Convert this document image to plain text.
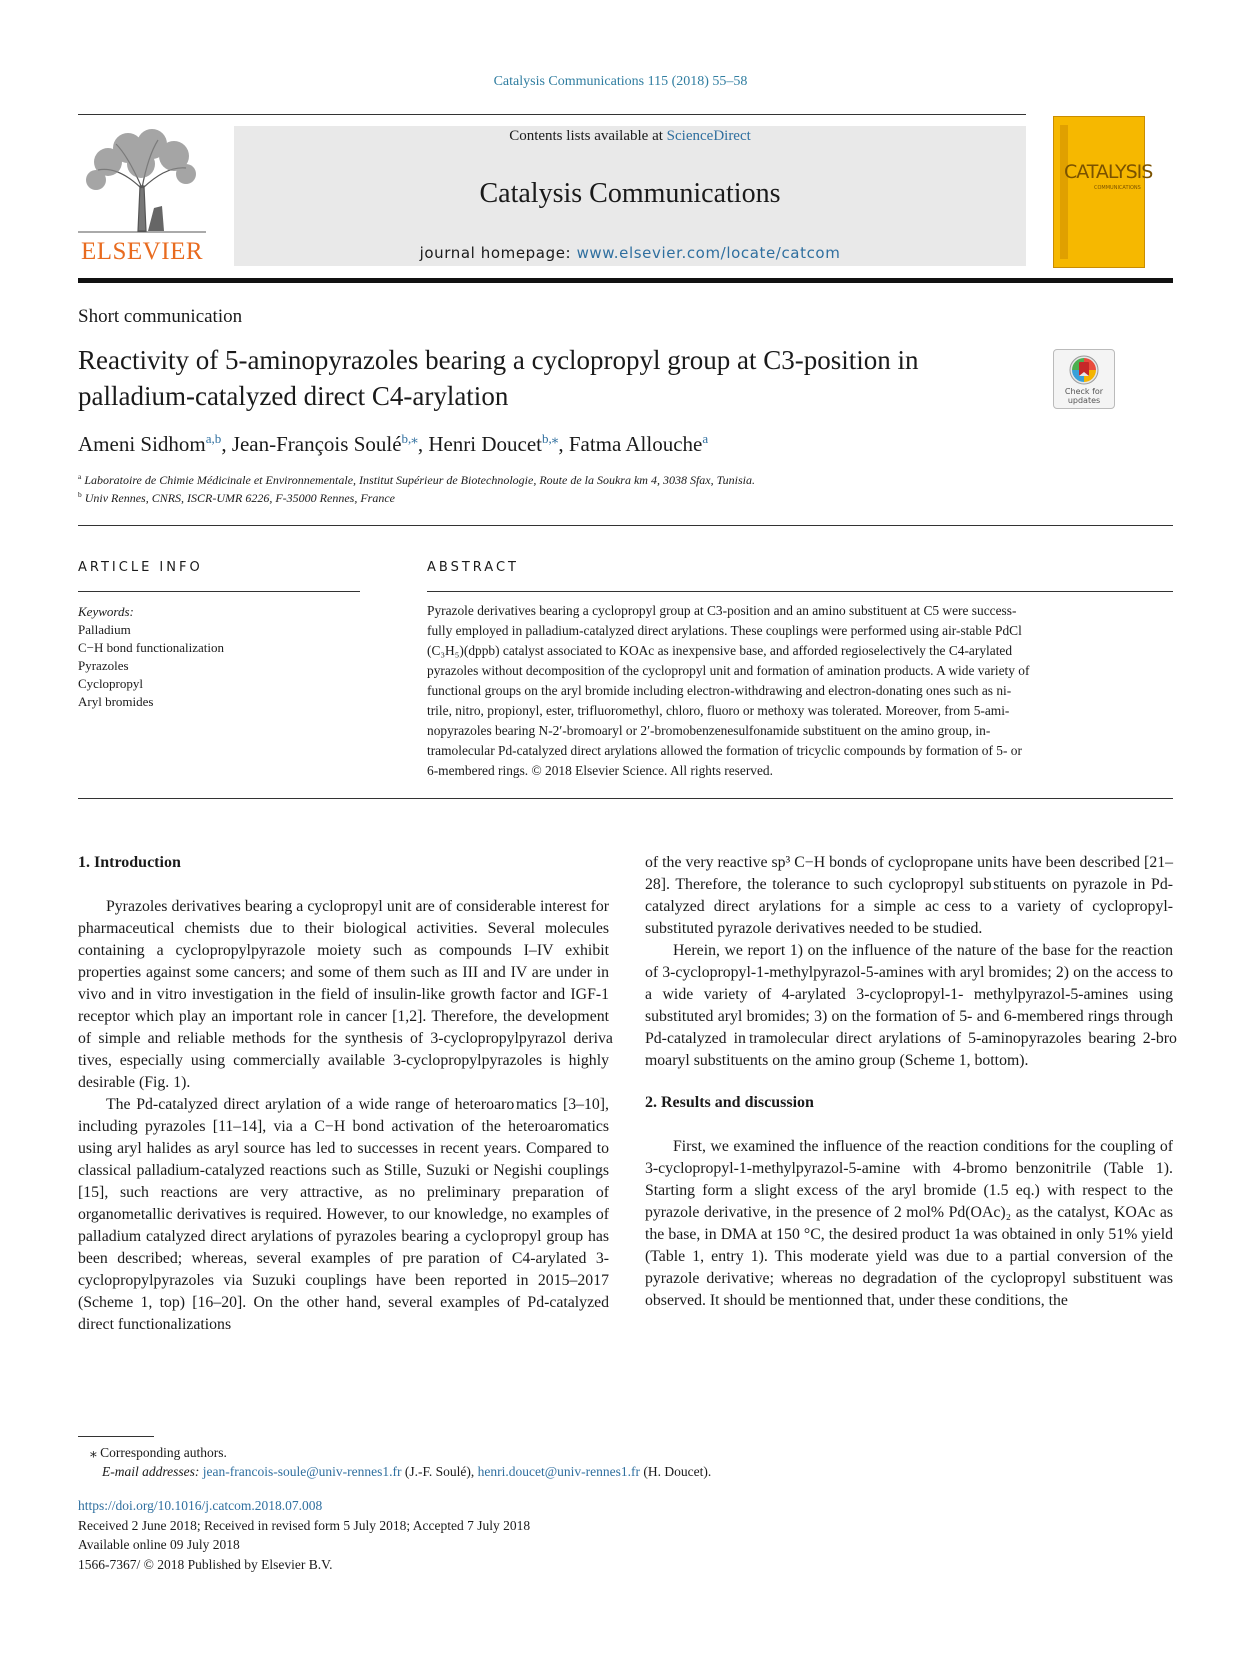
Catalysis Communications 115 (2018) 55–58
ELSEVIER
Contents lists available at ScienceDirect
Catalysis Communications
journal homepage: www.elsevier.com/locate/catcom
CATALYSIS
COMMUNICATIONS
Short communication
Reactivity of 5-aminopyrazoles bearing a cyclopropyl group at C3-position in palladium-catalyzed direct C4-arylation	Check for updates
Ameni Sidhom$^{a,b}$, Jean-François Soulé$^{b,⁎}$, Henri Doucet$^{b,⁎}$, Fatma Allouche$^a$
$^a$ Laboratoire de Chimie Médicinale et Environnementale, Institut Supérieur de Biotechnologie, Route de la Soukra km 4, 3038 Sfax, Tunisia.
$^b$ Univ Rennes, CNRS, ISCR-UMR 6226, F-35000 Rennes, France
ARTICLE INFO	ABSTRACT
Keywords:
Palladium
C−H bond functionalization
Pyrazoles
Cyclopropyl
Aryl bromides
Pyrazole derivatives bearing a cyclopropyl group at C3-position and an amino substituent at C5 were success-
fully employed in palladium-catalyzed direct arylations. These couplings were performed using air-stable PdCl
(C₃H₅)(dppb) catalyst associated to KOAc as inexpensive base, and afforded regioselectively the C4-arylated
pyrazoles without decomposition of the cyclopropyl unit and formation of amination products. A wide variety of
functional groups on the aryl bromide including electron-withdrawing and electron-donating ones such as ni-
trile, nitro, propionyl, ester, trifluoromethyl, chloro, fluoro or methoxy was tolerated. Moreover, from 5-ami-
nopyrazoles bearing N-2′-bromoaryl or 2′-bromobenzenesulfonamide substituent on the amino group, in-
tramolecular Pd-catalyzed direct arylations allowed the formation of tricyclic compounds by formation of 5- or
6-membered rings. © 2018 Elsevier Science. All rights reserved.
1. Introduction
Pyrazoles derivatives bearing a cyclopropyl unit are of considerable interest for pharmaceutical chemists due to their biological activities. Several molecules containing a cyclopropylpyrazole moiety such as compounds I–IV exhibit properties against some cancers; and some of them such as III and IV are under in vivo and in vitro investigation in the field of insulin-like growth factor and IGF-1 receptor which play an important role in cancer [1,2]. Therefore, the development of simple and reliable methods for the synthesis of 3-cyclopropylpyrazol deriva tives, especially using commercially available 3-cyclopropylpyrazoles is highly desirable (Fig. 1).
The Pd-catalyzed direct arylation of a wide range of heteroaro matics [3–10], including pyrazoles [11–14], via a C−H bond activation of the heteroaromatics using aryl halides as aryl source has led to successes in recent years. Compared to classical palladium-catalyzed reactions such as Stille, Suzuki or Negishi couplings [15], such reactions are very attractive, as no preliminary preparation of organometallic derivatives is required. However, to our knowledge, no examples of palladium catalyzed direct arylations of pyrazoles bearing a cyclo propyl group has been described; whereas, several examples of pre paration of C4-arylated 3-cyclopropylpyrazoles via Suzuki couplings have been reported in 2015–2017 (Scheme 1, top) [16–20]. On the other hand, several examples of Pd-catalyzed direct functionalizations
of the very reactive sp³ C−H bonds of cyclopropane units have been described [21–28]. Therefore, the tolerance to such cyclopropyl sub stituents on pyrazole in Pd-catalyzed direct arylations for a simple ac cess to a variety of cyclopropyl-substituted pyrazole derivatives needed to be studied.
Herein, we report 1) on the influence of the nature of the base for the reaction of 3-cyclopropyl-1-methylpyrazol-5-amines with aryl bro mides; 2) on the access to a wide variety of 4-arylated 3-cyclopropyl-1- methylpyrazol-5-amines using substituted aryl bromides; 3) on the formation of 5- and 6-membered rings through Pd-catalyzed in tramolecular direct arylations of 5-aminopyrazoles bearing 2-bro moaryl substituents on the amino group (Scheme 1, bottom).
2. Results and discussion
First, we examined the influence of the reaction conditions for the coupling of 3-cyclopropyl-1-methylpyrazol-5-amine with 4-bromo benzonitrile (Table 1). Starting form a slight excess of the aryl bromide (1.5 eq.) with respect to the pyrazole derivative, in the presence of 2 mol% Pd(OAc)₂ as the catalyst, KOAc as the base, in DMA at 150 °C, the desired product 1a was obtained in only 51% yield (Table 1, entry 1). This moderate yield was due to a partial conversion of the pyrazole derivative; whereas no degradation of the cyclopropyl substituent was observed. It should be mentionned that, under these conditions, the
⁎ Corresponding authors.
E-mail addresses: jean-francois-soule@univ-rennes1.fr (J.-F. Soulé), henri.doucet@univ-rennes1.fr (H. Doucet).
https://doi.org/10.1016/j.catcom.2018.07.008
Received 2 June 2018; Received in revised form 5 July 2018; Accepted 7 July 2018
Available online 09 July 2018
1566-7367/ © 2018 Published by Elsevier B.V.
